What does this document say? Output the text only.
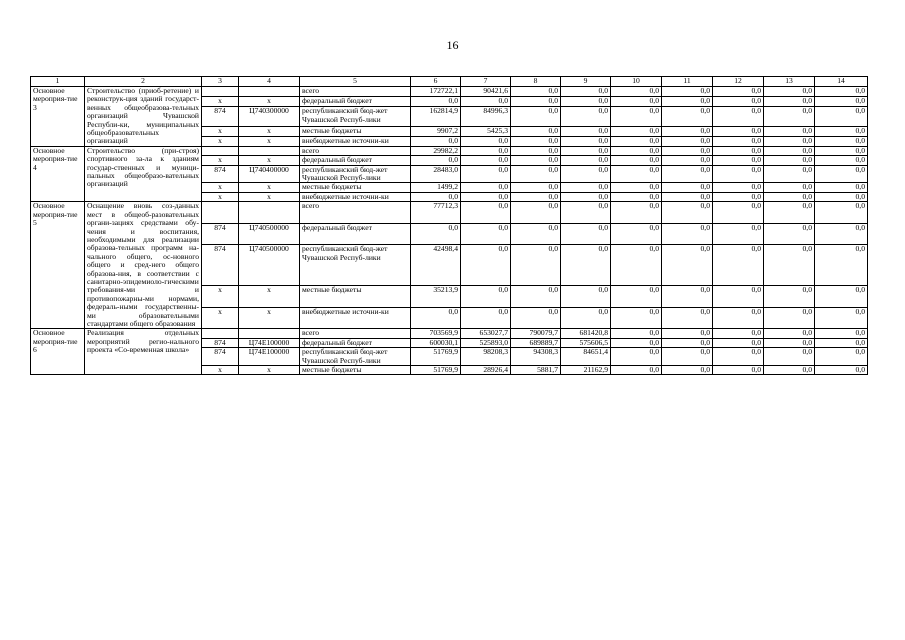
16
1	2	3	4	5	6	7	8	9	10	11	12	13	14
Основное мероприя-тие 3	Строительство (приоб-ретение) и реконструк-ция зданий государст-венных общеобразова-тельных организаций Чувашской Республи-ки, муниципальных общеобразовательных организаций			всего	172722,1	90421,6	0,0	0,0	0,0	0,0	0,0	0,0	0,0
		x	x	федеральный бюджет	0,0	0,0	0,0	0,0	0,0	0,0	0,0	0,0	0,0
		874	Ц740300000	республиканский бюд-жет Чувашской Респуб-лики	162814,9	84996,3	0,0	0,0	0,0	0,0	0,0	0,0	0,0
		x	x	местные бюджеты	9907,2	5425,3	0,0	0,0	0,0	0,0	0,0	0,0	0,0
		x	x	внебюджетные источни-ки	0,0	0,0	0,0	0,0	0,0	0,0	0,0	0,0	0,0
Основное мероприя-тие 4	Строительство (при-строя) спортивного за-ла к зданиям государ-ственных и муници-пальных общеобразо-вательных организаций			всего	29982,2	0,0	0,0	0,0	0,0	0,0	0,0	0,0	0,0
		x	x	федеральный бюджет	0,0	0,0	0,0	0,0	0,0	0,0	0,0	0,0	0,0
		874	Ц740400000	республиканский бюд-жет Чувашской Респуб-лики	28483,0	0,0	0,0	0,0	0,0	0,0	0,0	0,0	0,0
		x	x	местные бюджеты	1499,2	0,0	0,0	0,0	0,0	0,0	0,0	0,0	0,0
		x	x	внебюджетные источни-ки	0,0	0,0	0,0	0,0	0,0	0,0	0,0	0,0	0,0
Основное мероприя-тие 5	Оснащение вновь соз-данных мест в общеоб-разовательных органи-зациях средствами обу-чения и воспитания, необходимыми для реализации образова-тельных программ на-чального общего, ос-новного общего и сред-него общего образова-ния, в соответствии с санитарно-эпидемиоло-гическими требования-ми и противопожарны-ми нормами, федераль-ными государственны-ми образовательными стандартами общего образования			всего	77712,3	0,0	0,0	0,0	0,0	0,0	0,0	0,0	0,0
		874	Ц740500000	федеральный бюджет	0,0	0,0	0,0	0,0	0,0	0,0	0,0	0,0	0,0
		874	Ц740500000	республиканский бюд-жет Чувашской Респуб-лики	42498,4	0,0	0,0	0,0	0,0	0,0	0,0	0,0	0,0
		x	x	местные бюджеты	35213,9	0,0	0,0	0,0	0,0	0,0	0,0	0,0	0,0
		x	x	внебюджетные источни-ки	0,0	0,0	0,0	0,0	0,0	0,0	0,0	0,0	0,0
Основное мероприя-тие 6	Реализация отдельных мероприятий регио-нального проекта «Со-временная школа»			всего	703569,9	653027,7	790079,7	681420,8	0,0	0,0	0,0	0,0	0,0
		874	Ц74Е100000	федеральный бюджет	600030,1	525893,0	689889,7	575606,5	0,0	0,0	0,0	0,0	0,0
		874	Ц74Е100000	республиканский бюд-жет Чувашской Респуб-лики	51769,9	98208,3	94308,3	84651,4	0,0	0,0	0,0	0,0	0,0
		x	x	местные бюджеты	51769,9	28926,4	5881,7	21162,9	0,0	0,0	0,0	0,0	0,0
